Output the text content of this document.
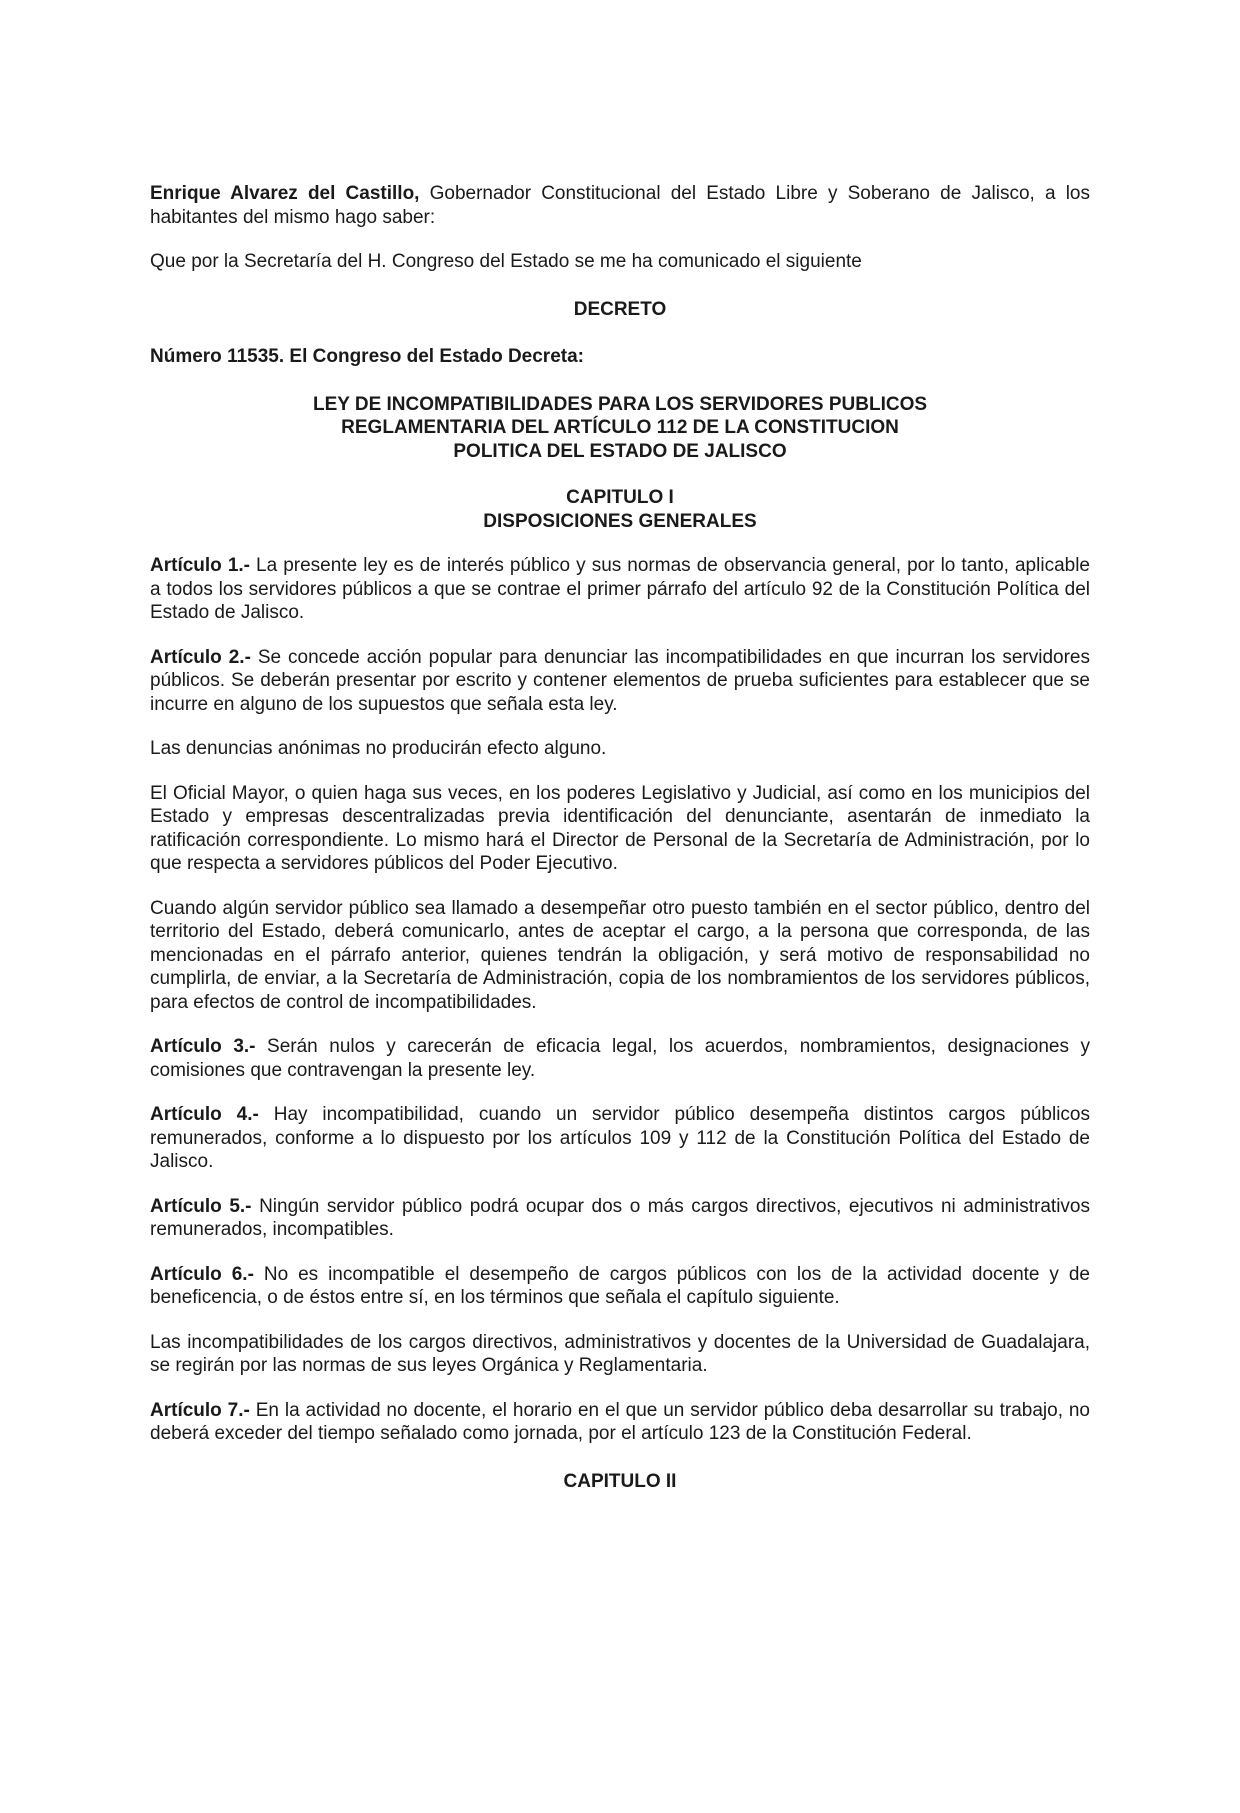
Enrique Alvarez del Castillo, Gobernador Constitucional del Estado Libre y Soberano de Jalisco, a los habitantes del mismo hago saber:

Que por la Secretaría del H. Congreso del Estado se me ha comunicado el siguiente

DECRETO

Número 11535. El Congreso del Estado Decreta:

LEY DE INCOMPATIBILIDADES PARA LOS SERVIDORES PUBLICOS
REGLAMENTARIA DEL ARTÍCULO 112 DE LA CONSTITUCION
POLITICA DEL ESTADO DE JALISCO
CAPITULO I
DISPOSICIONES GENERALES

Artículo 1.- La presente ley es de interés público y sus normas de observancia general, por lo tanto, aplicable a todos los servidores públicos a que se contrae el primer párrafo del artículo 92 de la Constitución Política del Estado de Jalisco.

Artículo 2.- Se concede acción popular para denunciar las incompatibilidades en que incurran los servidores públicos. Se deberán presentar por escrito y contener elementos de prueba suficientes para establecer que se incurre en alguno de los supuestos que señala esta ley.

Las denuncias anónimas no producirán efecto alguno.

El Oficial Mayor, o quien haga sus veces, en los poderes Legislativo y Judicial, así como en los municipios del Estado y empresas descentralizadas previa identificación del denunciante, asentarán de inmediato la ratificación correspondiente. Lo mismo hará el Director de Personal de la Secretaría de Administración, por lo que respecta a servidores públicos del Poder Ejecutivo.

Cuando algún servidor público sea llamado a desempeñar otro puesto también en el sector público, dentro del territorio del Estado, deberá comunicarlo, antes de aceptar el cargo, a la persona que corresponda, de las mencionadas en el párrafo anterior, quienes tendrán la obligación, y será motivo de responsabilidad no cumplirla, de enviar, a la Secretaría de Administración, copia de los nombramientos de los servidores públicos, para efectos de control de incompatibilidades.

Artículo 3.- Serán nulos y carecerán de eficacia legal, los acuerdos, nombramientos, designaciones y comisiones que contravengan la presente ley.

Artículo 4.- Hay incompatibilidad, cuando un servidor público desempeña distintos cargos públicos remunerados, conforme a lo dispuesto por los artículos 109 y 112 de la Constitución Política del Estado de Jalisco.

Artículo 5.- Ningún servidor público podrá ocupar dos o más cargos directivos, ejecutivos ni administrativos remunerados, incompatibles.

Artículo 6.- No es incompatible el desempeño de cargos públicos con los de la actividad docente y de beneficencia, o de éstos entre sí, en los términos que señala el capítulo siguiente.

Las incompatibilidades de los cargos directivos, administrativos y docentes de la Universidad de Guadalajara, se regirán por las normas de sus leyes Orgánica y Reglamentaria.

Artículo 7.- En la actividad no docente, el horario en el que un servidor público deba desarrollar su trabajo, no deberá exceder del tiempo señalado como jornada, por el artículo 123 de la Constitución Federal.

CAPITULO II
